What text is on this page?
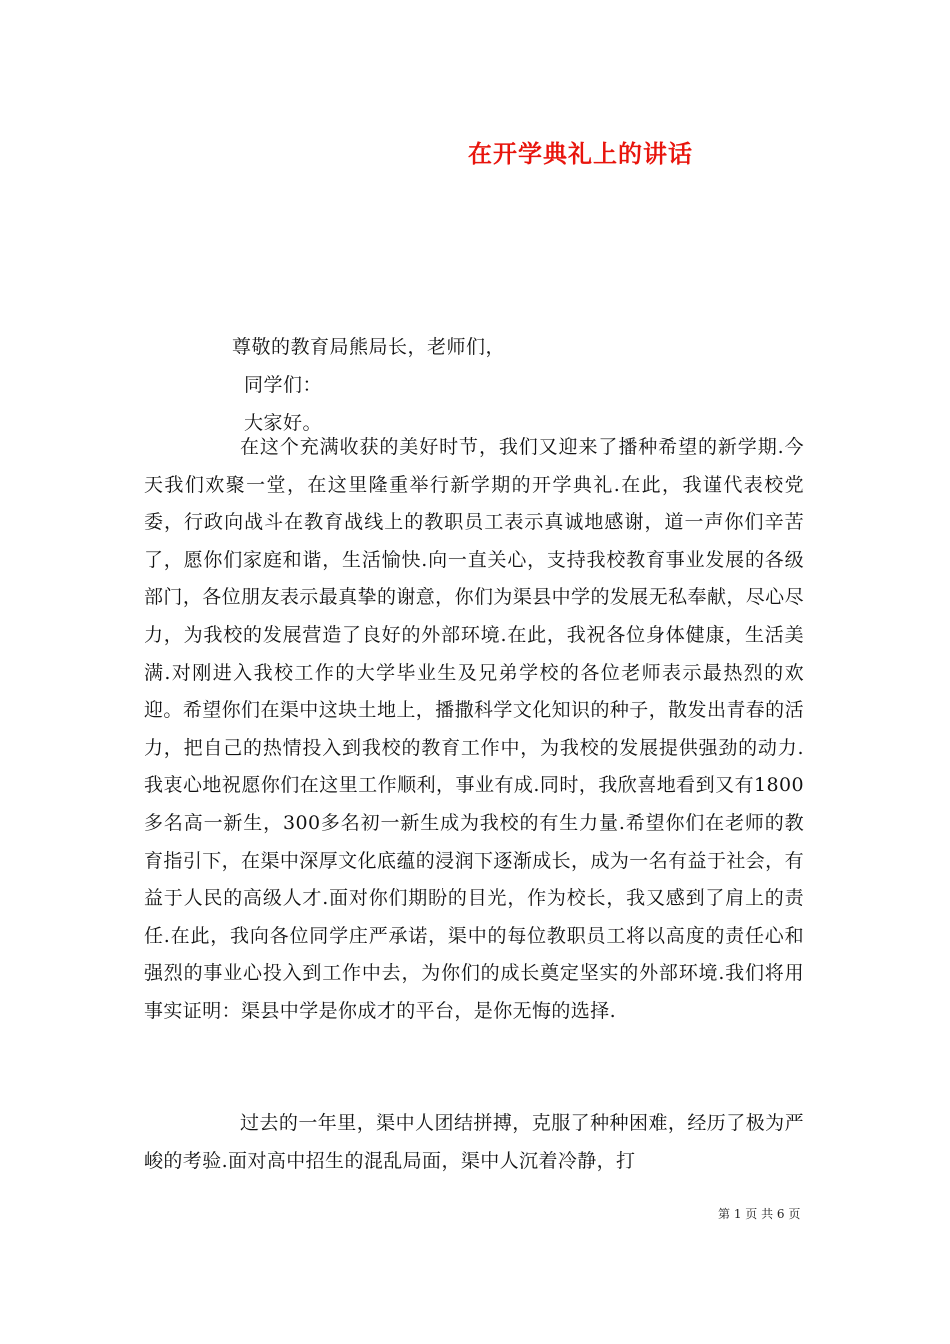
在开学典礼上的讲话
尊敬的教育局熊局长，老师们，
同学们：
大家好。

在这个充满收获的美好时节，我们又迎来了播种希望的新学期.今天我们欢聚一堂，在这里隆重举行新学期的开学典礼.在此，我谨代表校党委，行政向战斗在教育战线上的教职员工表示真诚地感谢，道一声你们辛苦了，愿你们家庭和谐，生活愉快.向一直关心，支持我校教育事业发展的各级部门，各位朋友表示最真挚的谢意，你们为渠县中学的发展无私奉献，尽心尽力，为我校的发展营造了良好的外部环境.在此，我祝各位身体健康，生活美满.对刚进入我校工作的大学毕业生及兄弟学校的各位老师表示最热烈的欢迎。希望你们在渠中这块土地上，播撒科学文化知识的种子，散发出青春的活力，把自己的热情投入到我校的教育工作中，为我校的发展提供强劲的动力.我衷心地祝愿你们在这里工作顺利，事业有成.同时，我欣喜地看到又有1800多名高一新生，300多名初一新生成为我校的有生力量.希望你们在老师的教育指引下，在渠中深厚文化底蕴的浸润下逐渐成长，成为一名有益于社会，有益于人民的高级人才.面对你们期盼的目光，作为校长，我又感到了肩上的责任.在此，我向各位同学庄严承诺，渠中的每位教职员工将以高度的责任心和强烈的事业心投入到工作中去，为你们的成长奠定坚实的外部环境.我们将用事实证明：渠县中学是你成才的平台，是你无悔的选择.

过去的一年里，渠中人团结拼搏，克服了种种困难，经历了极为严峻的考验.面对高中招生的混乱局面，渠中人沉着冷静，打

第 1 页 共 6 页
